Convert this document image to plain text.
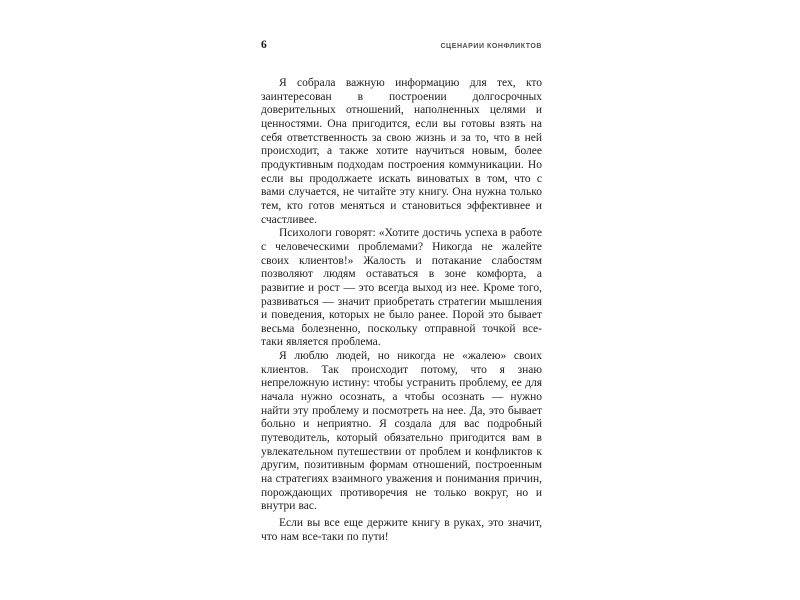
6	СЦЕНАРИИ КОНФЛИКТОВ

Я собрала важную информацию для тех, кто заинтересован в построении долгосрочных доверительных отношений, наполненных целями и ценностями. Она пригодится, если вы готовы взять на себя ответственность за свою жизнь и за то, что в ней происходит, а также хотите научиться новым, более продуктивным подходам построения коммуникации. Но если вы продолжаете искать виноватых в том, что с вами случается, не читайте эту книгу. Она нужна только тем, кто готов меняться и становиться эффективнее и счастливее.

Психологи говорят: «Хотите достичь успеха в работе с человеческими проблемами? Никогда не жалейте своих клиентов!» Жалость и потакание слабостям позволяют людям оставаться в зоне комфорта, а развитие и рост — это всегда выход из нее. Кроме того, развиваться — значит приобретать стратегии мышления и поведения, которых не было ранее. Порой это бывает весьма болезненно, поскольку отправной точкой все-таки является проблема.

Я люблю людей, но никогда не «жалею» своих клиентов. Так происходит потому, что я знаю непреложную истину: чтобы устранить проблему, ее для начала нужно осознать, а чтобы осознать — нужно найти эту проблему и посмотреть на нее. Да, это бывает больно и неприятно. Я создала для вас подробный путеводитель, который обязательно пригодится вам в увлекательном путешествии от проблем и конфликтов к другим, позитивным формам отношений, построенным на стратегиях взаимного уважения и понимания причин, порождающих противоречия не только вокруг, но и внутри вас.

Если вы все еще держите книгу в руках, это значит, что нам все-таки по пути!
